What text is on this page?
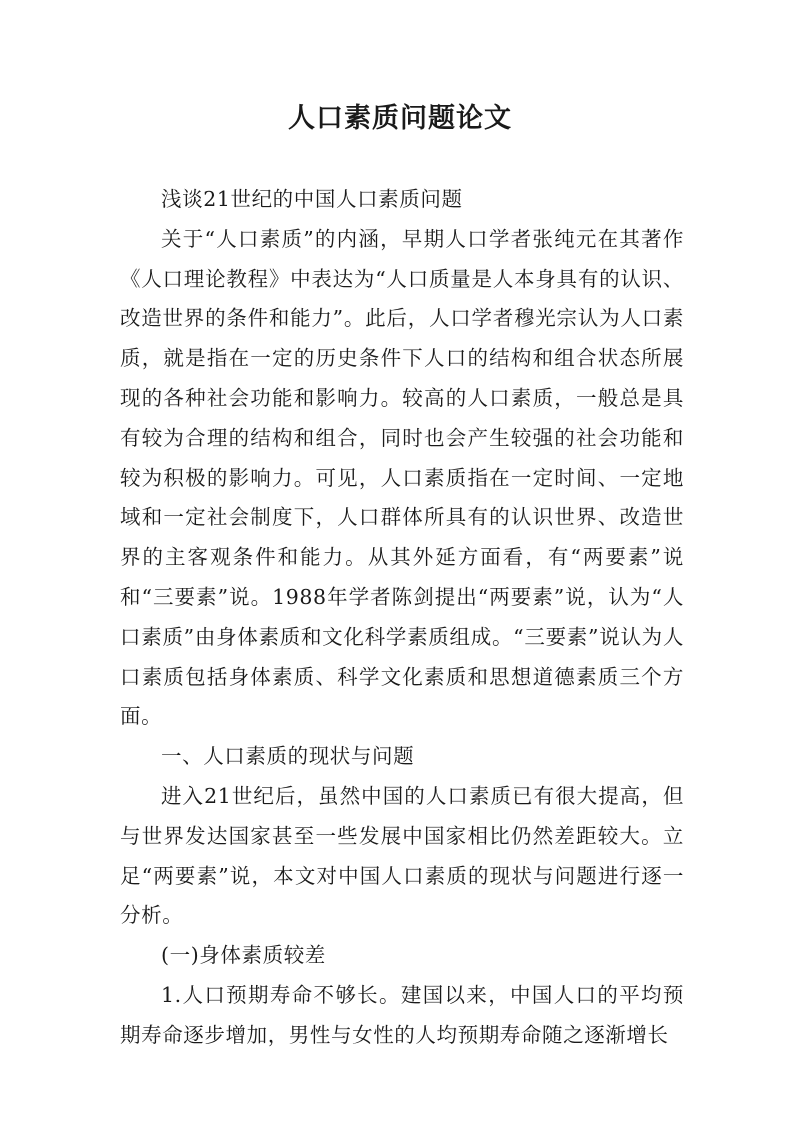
人口素质问题论文

浅谈21世纪的中国人口素质问题

关于“人口素质”的内涵，早期人口学者张纯元在其著作《人口理论教程》中表达为“人口质量是人本身具有的认识、改造世界的条件和能力”。此后，人口学者穆光宗认为人口素质，就是指在一定的历史条件下人口的结构和组合状态所展现的各种社会功能和影响力。较高的人口素质，一般总是具有较为合理的结构和组合，同时也会产生较强的社会功能和较为积极的影响力。可见，人口素质指在一定时间、一定地域和一定社会制度下，人口群体所具有的认识世界、改造世界的主客观条件和能力。从其外延方面看，有“两要素”说和“三要素”说。1988年学者陈剑提出“两要素”说，认为“人口素质”由身体素质和文化科学素质组成。“三要素”说认为人口素质包括身体素质、科学文化素质和思想道德素质三个方面。

一、人口素质的现状与问题

进入21世纪后，虽然中国的人口素质已有很大提高，但与世界发达国家甚至一些发展中国家相比仍然差距较大。立足“两要素”说，本文对中国人口素质的现状与问题进行逐一分析。

(一)身体素质较差

1.人口预期寿命不够长。建国以来，中国人口的平均预期寿命逐步增加，男性与女性的人均预期寿命随之逐渐增长
